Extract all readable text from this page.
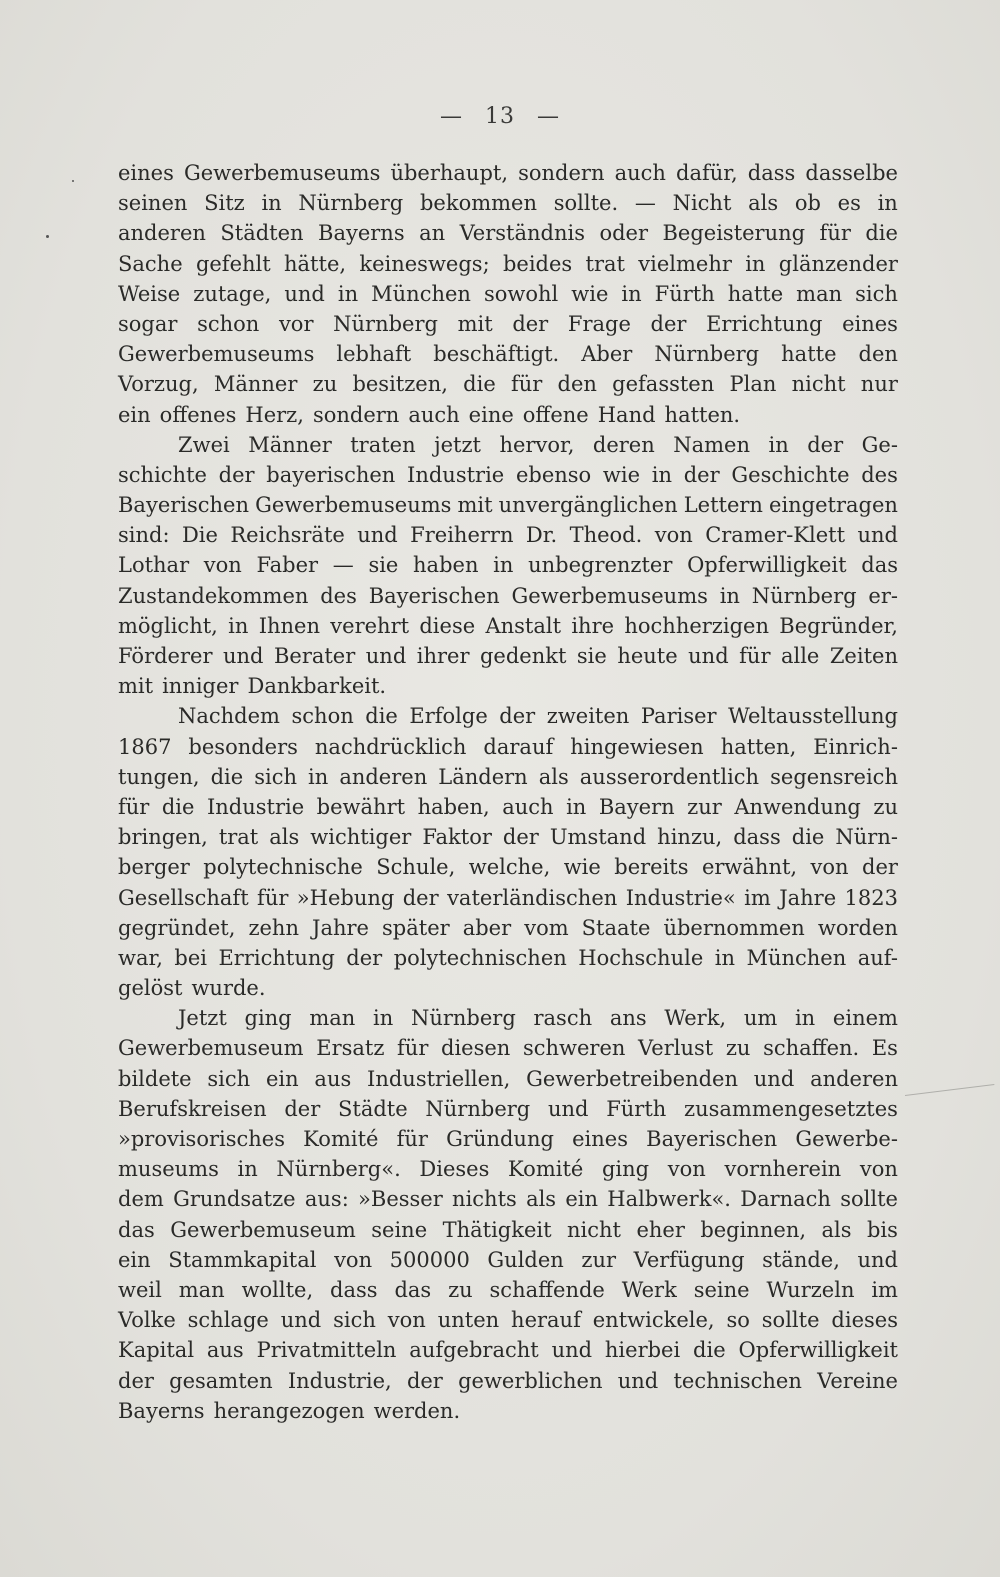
— 13 —
eines Gewerbemuseums überhaupt, sondern auch dafür, dass dasselbe
seinen Sitz in Nürnberg bekommen sollte. — Nicht als ob es in
anderen Städten Bayerns an Verständnis oder Begeisterung für die
Sache gefehlt hätte, keineswegs; beides trat vielmehr in glänzender
Weise zutage, und in München sowohl wie in Fürth hatte man sich
sogar schon vor Nürnberg mit der Frage der Errichtung eines
Gewerbemuseums lebhaft beschäftigt. Aber Nürnberg hatte den
Vorzug, Männer zu besitzen, die für den gefassten Plan nicht nur
ein offenes Herz, sondern auch eine offene Hand hatten.
Zwei Männer traten jetzt hervor, deren Namen in der Ge-
schichte der bayerischen Industrie ebenso wie in der Geschichte des
Bayerischen Gewerbemuseums mit unvergänglichen Lettern eingetragen
sind: Die Reichsräte und Freiherrn Dr. Theod. von Cramer-Klett und
Lothar von Faber — sie haben in unbegrenzter Opferwilligkeit das
Zustandekommen des Bayerischen Gewerbemuseums in Nürnberg er-
möglicht, in Ihnen verehrt diese Anstalt ihre hochherzigen Begründer,
Förderer und Berater und ihrer gedenkt sie heute und für alle Zeiten
mit inniger Dankbarkeit.
Nachdem schon die Erfolge der zweiten Pariser Weltausstellung
1867 besonders nachdrücklich darauf hingewiesen hatten, Einrich-
tungen, die sich in anderen Ländern als ausserordentlich segensreich
für die Industrie bewährt haben, auch in Bayern zur Anwendung zu
bringen, trat als wichtiger Faktor der Umstand hinzu, dass die Nürn-
berger polytechnische Schule, welche, wie bereits erwähnt, von der
Gesellschaft für »Hebung der vaterländischen Industrie« im Jahre 1823
gegründet, zehn Jahre später aber vom Staate übernommen worden
war, bei Errichtung der polytechnischen Hochschule in München auf-
gelöst wurde.
Jetzt ging man in Nürnberg rasch ans Werk, um in einem
Gewerbemuseum Ersatz für diesen schweren Verlust zu schaffen. Es
bildete sich ein aus Industriellen, Gewerbetreibenden und anderen
Berufskreisen der Städte Nürnberg und Fürth zusammengesetztes
»provisorisches Komité für Gründung eines Bayerischen Gewerbe-
museums in Nürnberg«. Dieses Komité ging von vornherein von
dem Grundsatze aus: »Besser nichts als ein Halbwerk«. Darnach sollte
das Gewerbemuseum seine Thätigkeit nicht eher beginnen, als bis
ein Stammkapital von 500000 Gulden zur Verfügung stände, und
weil man wollte, dass das zu schaffende Werk seine Wurzeln im
Volke schlage und sich von unten herauf entwickele, so sollte dieses
Kapital aus Privatmitteln aufgebracht und hierbei die Opferwilligkeit
der gesamten Industrie, der gewerblichen und technischen Vereine
Bayerns herangezogen werden.
